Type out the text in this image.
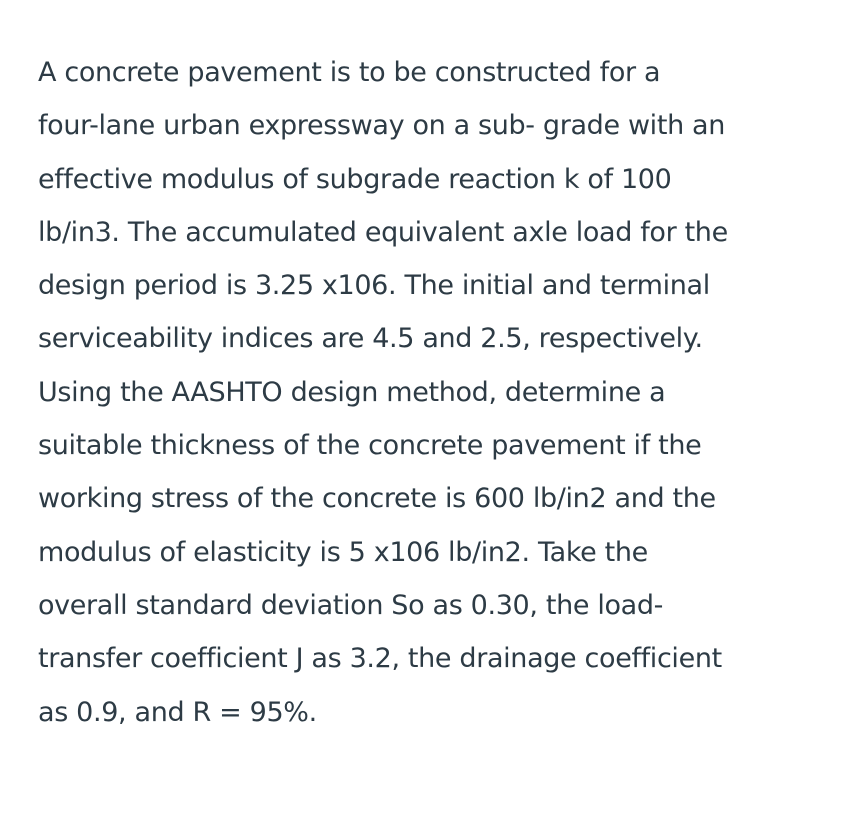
A concrete pavement is to be constructed for a
four-lane urban expressway on a sub- grade with an
effective modulus of subgrade reaction k of 100
lb/in3. The accumulated equivalent axle load for the
design period is 3.25 x106. The initial and terminal
serviceability indices are 4.5 and 2.5, respectively.
Using the AASHTO design method, determine a
suitable thickness of the concrete pavement if the
working stress of the concrete is 600 lb/in2 and the
modulus of elasticity is 5 x106 lb/in2. Take the
overall standard deviation So as 0.30, the load-
transfer coefficient J as 3.2, the drainage coefficient
as 0.9, and R = 95%.
